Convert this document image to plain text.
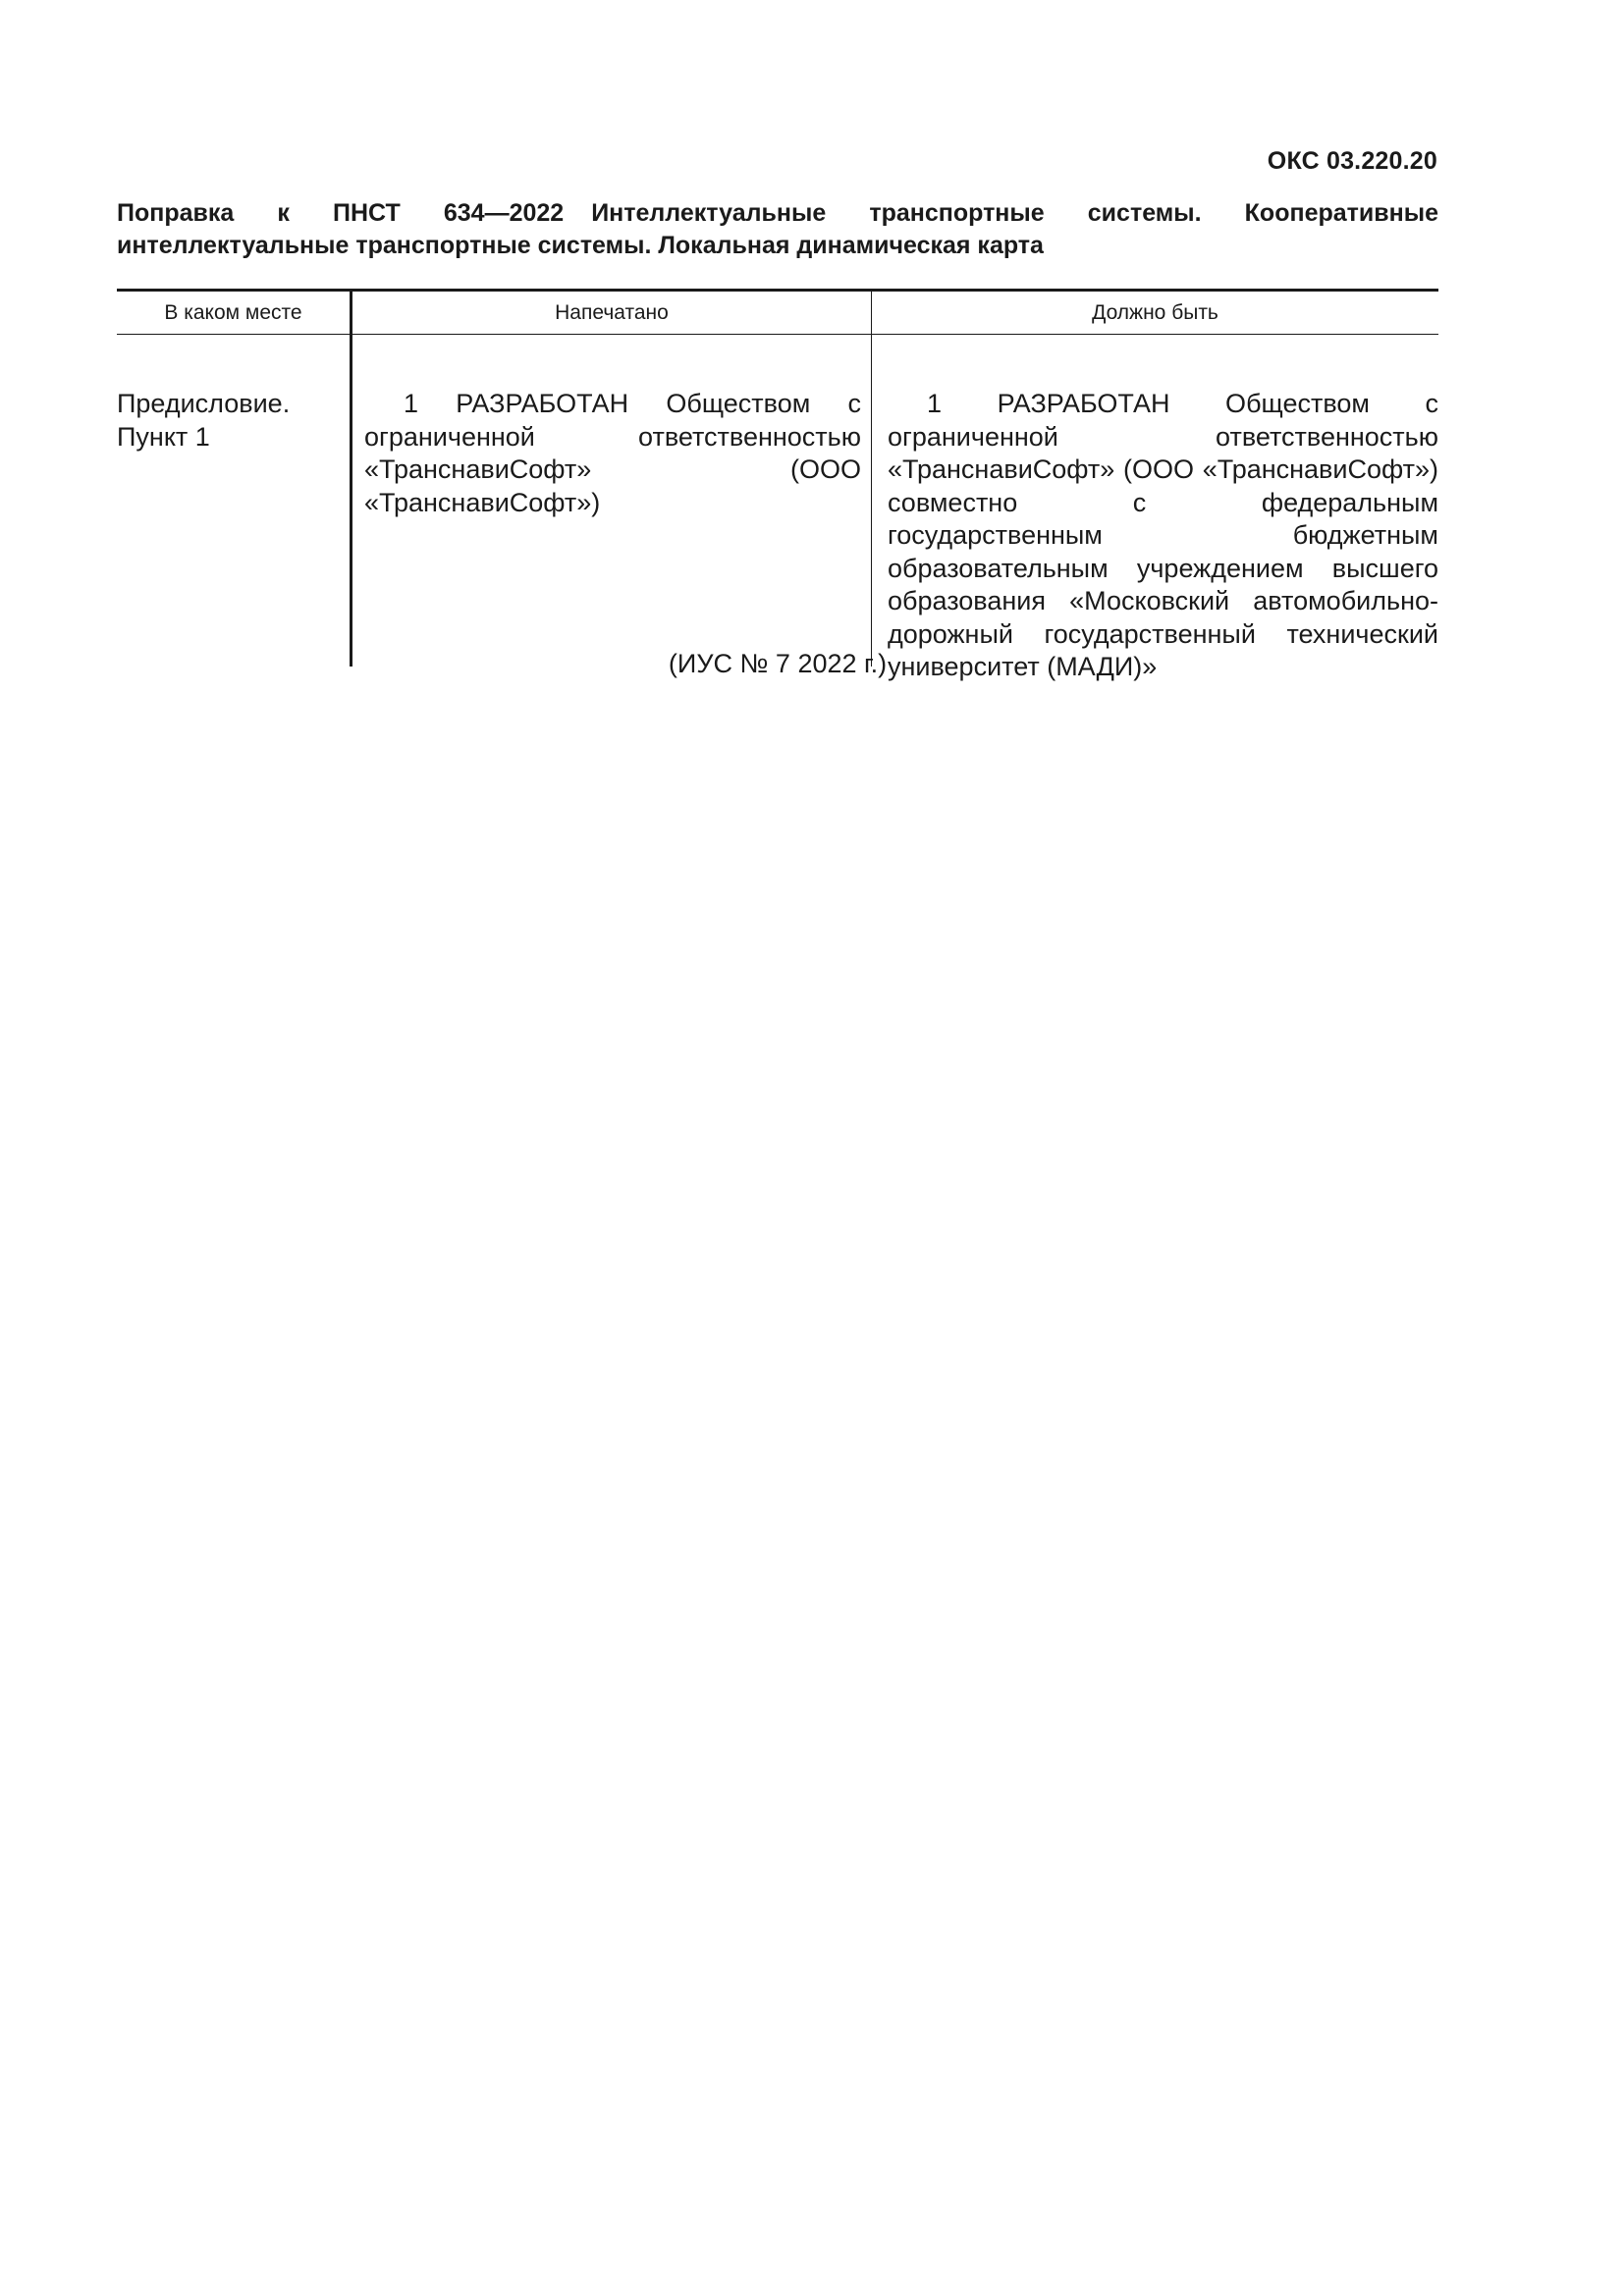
ОКС 03.220.20
Поправка к ПНСТ 634—2022 Интеллектуальные транспортные системы. Кооперативные интеллектуальные транспортные системы. Локальная динамическая карта
В каком месте	Напечатано	Должно быть
Предисловие.
Пункт 1
1 РАЗРАБОТАН Обществом с ограниченной ответственностью «ТранснавиСофт» (ООО «ТранснавиСофт»)
1 РАЗРАБОТАН Обществом с ограниченной ответственностью «ТранснавиСофт» (ООО «ТранснавиСофт») совместно с федеральным государственным бюджетным образовательным учреждением высшего образования «Московский автомобильно-дорожный государственный технический университет (МАДИ)»
(ИУС № 7 2022 г.)
